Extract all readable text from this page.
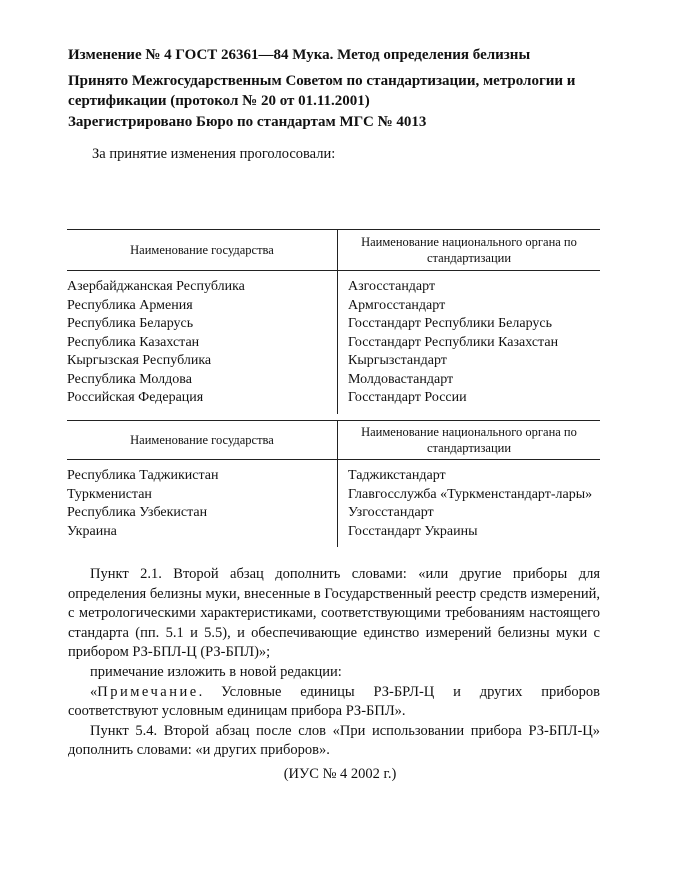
Изменение № 4 ГОСТ 26361—84 Мука. Метод определения белизны

Принято Межгосударственным Советом по стандартизации, метрологии и сертификации (протокол № 20 от 01.11.2001)

Зарегистрировано Бюро по стандартам МГС № 4013

За принятие изменения проголосовали:

Наименование государства	Наименование национального органа по стандартизации
Азербайджанская Республика	Азгосстандарт
Республика Армения	Армгосстандарт
Республика Беларусь	Госстандарт Республики Беларусь
Республика Казахстан	Госстандарт Республики Казахстан
Кыргызская Республика	Кыргызстандарт
Республика Молдова	Молдовастандарт
Российская Федерация	Госстандарт России
Наименование государства	Наименование национального органа по стандартизации
Республика Таджикистан	Таджикстандарт
Туркменистан	Главгосслужба «Туркменстандарт-лары»
Республика Узбекистан	Узгосстандарт
Украина	Госстандарт Украины

Пункт 2.1. Второй абзац дополнить словами: «или другие приборы для определения белизны муки, внесенные в Государственный реестр средств измерений, с метрологическими характеристиками, соответствующими требованиям настоящего стандарта (пп. 5.1 и 5.5), и обеспечивающие единство измерений белизны муки с прибором РЗ-БПЛ-Ц (РЗ-БПЛ)»;

примечание изложить в новой редакции:

«Примечание. Условные единицы РЗ-БРЛ-Ц и других приборов соответствуют условным единицам прибора РЗ-БПЛ».

Пункт 5.4. Второй абзац после слов «При использовании прибора РЗ-БПЛ-Ц» дополнить словами: «и других приборов».

(ИУС № 4 2002 г.)
